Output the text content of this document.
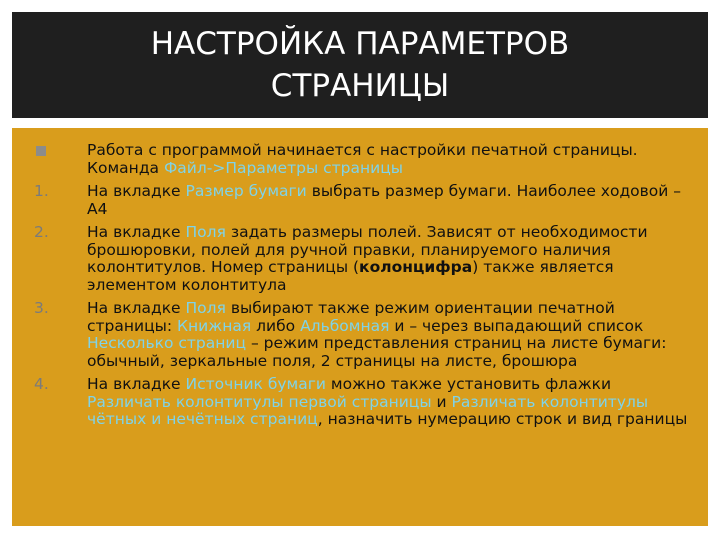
НАСТРОЙКА ПАРАМЕТРОВ
СТРАНИЦЫ
Работа с программой начинается с настройки печатной страницы. Команда Файл->Параметры страницы
1.	На вкладке Размер бумаги выбрать размер бумаги. Наиболее ходовой – А4
2.	На вкладке Поля задать размеры полей. Зависят от необходимости брошюровки, полей для ручной правки, планируемого наличия колонтитулов. Номер страницы (колонцифра) также является элементом колонтитула
3.	На вкладке Поля выбирают также режим ориентации печатной страницы: Книжная либо Альбомная и – через выпадающий список Несколько страниц – режим представления страниц на листе бумаги: обычный, зеркальные поля, 2 страницы на листе, брошюра
4.	На вкладке Источник бумаги можно также установить флажки Различать колонтитулы первой страницы и Различать колонтитулы чётных и нечётных страниц, назначить нумерацию строк и вид границы
